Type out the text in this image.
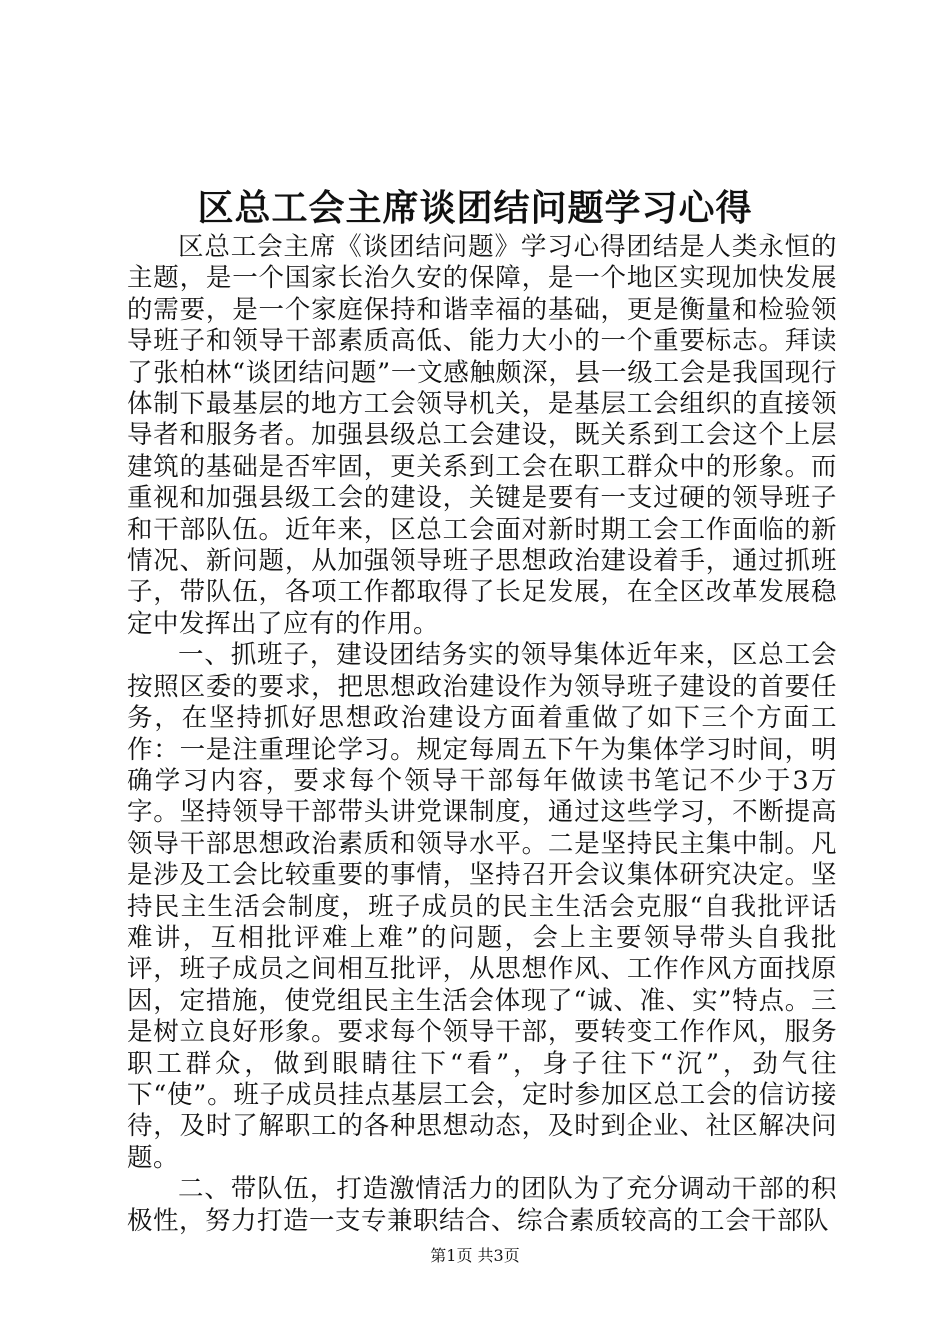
区总工会主席谈团结问题学习心得

区总工会主席《谈团结问题》学习心得团结是人类永恒的主题，是一个国家长治久安的保障，是一个地区实现加快发展的需要，是一个家庭保持和谐幸福的基础，更是衡量和检验领导班子和领导干部素质高低、能力大小的一个重要标志。拜读了张柏林“谈团结问题”一文感触颇深，县一级工会是我国现行体制下最基层的地方工会领导机关，是基层工会组织的直接领导者和服务者。加强县级总工会建设，既关系到工会这个上层建筑的基础是否牢固，更关系到工会在职工群众中的形象。而重视和加强县级工会的建设，关键是要有一支过硬的领导班子和干部队伍。近年来，区总工会面对新时期工会工作面临的新情况、新问题，从加强领导班子思想政治建设着手，通过抓班子，带队伍，各项工作都取得了长足发展，在全区改革发展稳定中发挥出了应有的作用。

一、抓班子，建设团结务实的领导集体近年来，区总工会按照区委的要求，把思想政治建设作为领导班子建设的首要任务，在坚持抓好思想政治建设方面着重做了如下三个方面工作：一是注重理论学习。规定每周五下午为集体学习时间，明确学习内容，要求每个领导干部每年做读书笔记不少于3万字。坚持领导干部带头讲党课制度，通过这些学习，不断提高领导干部思想政治素质和领导水平。二是坚持民主集中制。凡是涉及工会比较重要的事情，坚持召开会议集体研究决定。坚持民主生活会制度，班子成员的民主生活会克服“自我批评话难讲，互相批评难上难”的问题，会上主要领导带头自我批评，班子成员之间相互批评，从思想作风、工作作风方面找原因，定措施，使党组民主生活会体现了“诚、准、实”特点。三是树立良好形象。要求每个领导干部，要转变工作作风，服务职工群众，做到眼睛往下“看”，身子往下“沉”，劲气往下“使”。班子成员挂点基层工会，定时参加区总工会的信访接待，及时了解职工的各种思想动态，及时到企业、社区解决问题。

二、带队伍，打造激情活力的团队为了充分调动干部的积极性，努力打造一支专兼职结合、综合素质较高的工会干部队

第1页 共3页
